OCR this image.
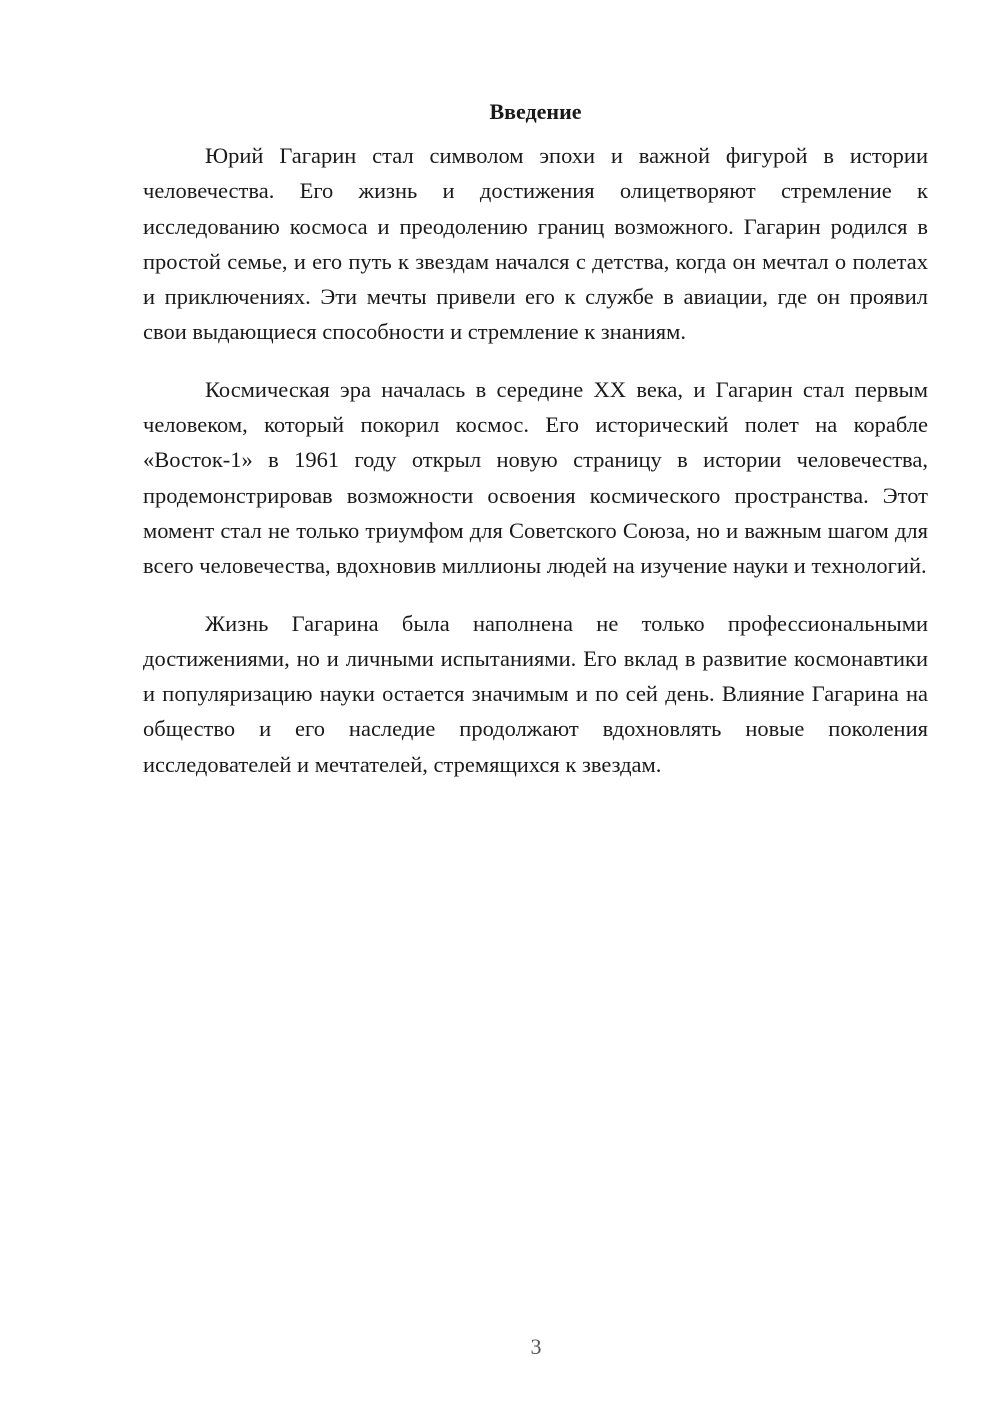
Введение

Юрий Гагарин стал символом эпохи и важной фигурой в истории человечества. Его жизнь и достижения олицетворяют стремление к исследованию космоса и преодолению границ возможного. Гагарин родился в простой семье, и его путь к звездам начался с детства, когда он мечтал о полетах и приключениях. Эти мечты привели его к службе в авиации, где он проявил свои выдающиеся способности и стремление к знаниям.

Космическая эра началась в середине XX века, и Гагарин стал первым человеком, который покорил космос. Его исторический полет на корабле «Восток-1» в 1961 году открыл новую страницу в истории человечества, продемонстрировав возможности освоения космического пространства. Этот момент стал не только триумфом для Советского Союза, но и важным шагом для всего человечества, вдохновив миллионы людей на изучение науки и технологий.

Жизнь Гагарина была наполнена не только профессиональными достижениями, но и личными испытаниями. Его вклад в развитие космонавтики и популяризацию науки остается значимым и по сей день. Влияние Гагарина на общество и его наследие продолжают вдохновлять новые поколения исследователей и мечтателей, стремящихся к звездам.

3
